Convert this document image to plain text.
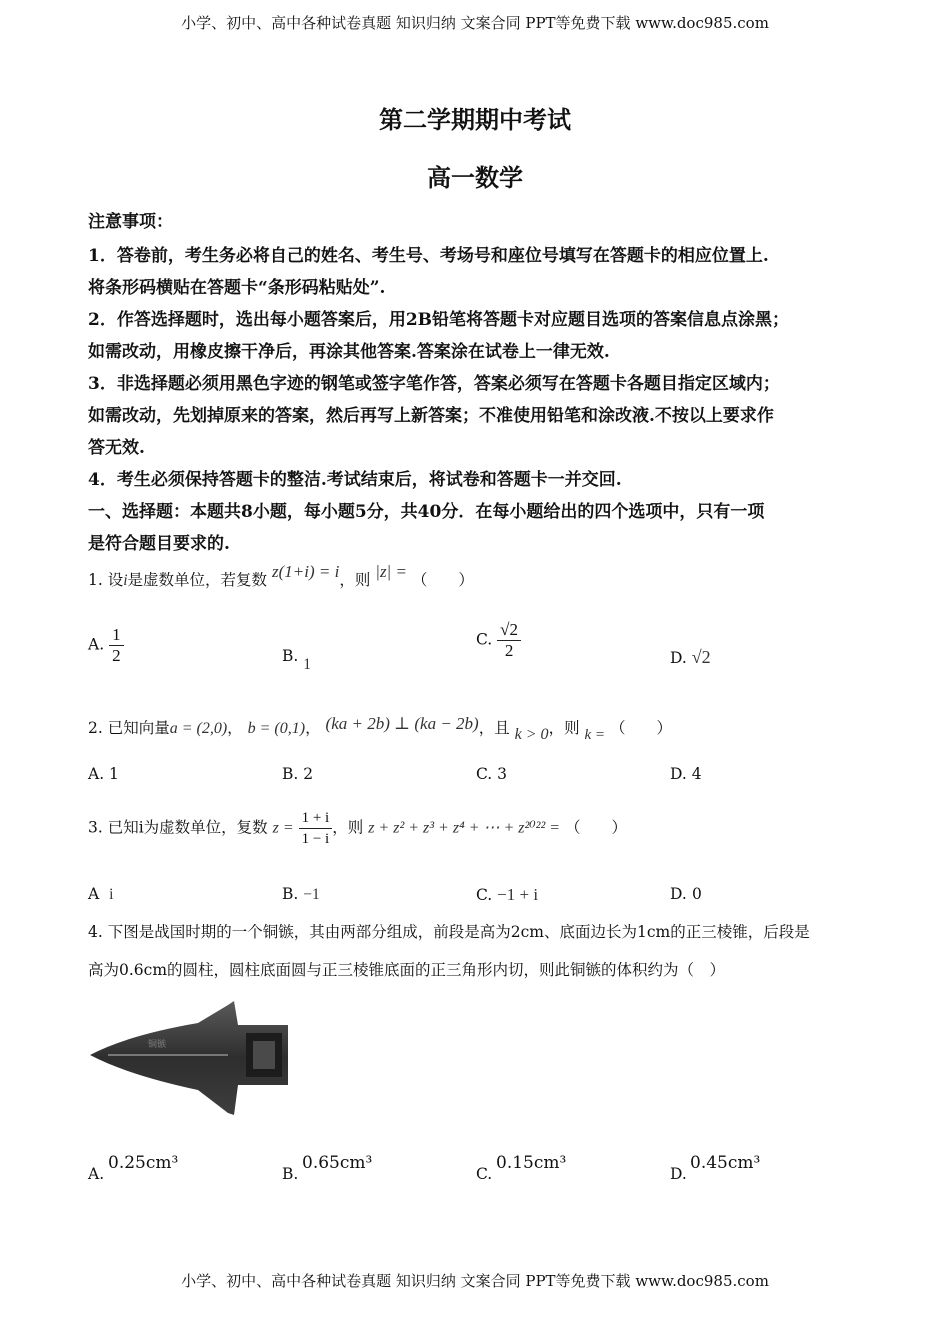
小学、初中、高中各种试卷真题 知识归纳 文案合同 PPT等免费下载 www.doc985.com
第二学期期中考试
高一数学
注意事项：
1．答卷前，考生务必将自己的姓名、考生号、考场号和座位号填写在答题卡的相应位置上.
将条形码横贴在答题卡“条形码粘贴处”.
2．作答选择题时，选出每小题答案后，用2B铅笔将答题卡对应题目选项的答案信息点涂黑；
如需改动，用橡皮擦干净后，再涂其他答案.答案涂在试卷上一律无效.
3．非选择题必须用黑色字迹的钢笔或签字笔作答，答案必须写在答题卡各题目指定区域内；
如需改动，先划掉原来的答案，然后再写上新答案；不准使用铅笔和涂改液.不按以上要求作
答无效.
4．考生必须保持答题卡的整洁.考试结束后，将试卷和答题卡一并交回.
一、选择题：本题共8小题，每小题5分，共40分．在每小题给出的四个选项中，只有一项
是符合题目要求的.
1. 设i是虚数单位，若复数 z(1+i) = i，则 |z| = （　　）
A. $\frac{1}{2}$	B. 1
C. $\frac{√2}{2}$	D. √2
2. 已知向量a = (2,0)， b = (0,1)， (ka + 2b) ⊥ (ka − 2b)，且 k > 0，则 k = （　　）
A. 1	B. 2	C. 3	D. 4
3. 已知i为虚数单位，复数 $z = \frac{1 + i}{1 - i}$ ，则 z + z² + z³ + z⁴ + ⋯ + z²⁰²² = （　　）
A i	B. −1	C. −1 + i	D. 0
4. 下图是战国时期的一个铜镞，其由两部分组成，前段是高为2cm、底面边长为1cm的正三棱锥，后段是
高为0.6cm的圆柱，圆柱底面圆与正三棱锥底面的正三角形内切，则此铜镞的体积约为（　）
铜镞
A.
0.25cm³
B.
0.65cm³
C.
0.15cm³
D.
0.45cm³
小学、初中、高中各种试卷真题 知识归纳 文案合同 PPT等免费下载 www.doc985.com
